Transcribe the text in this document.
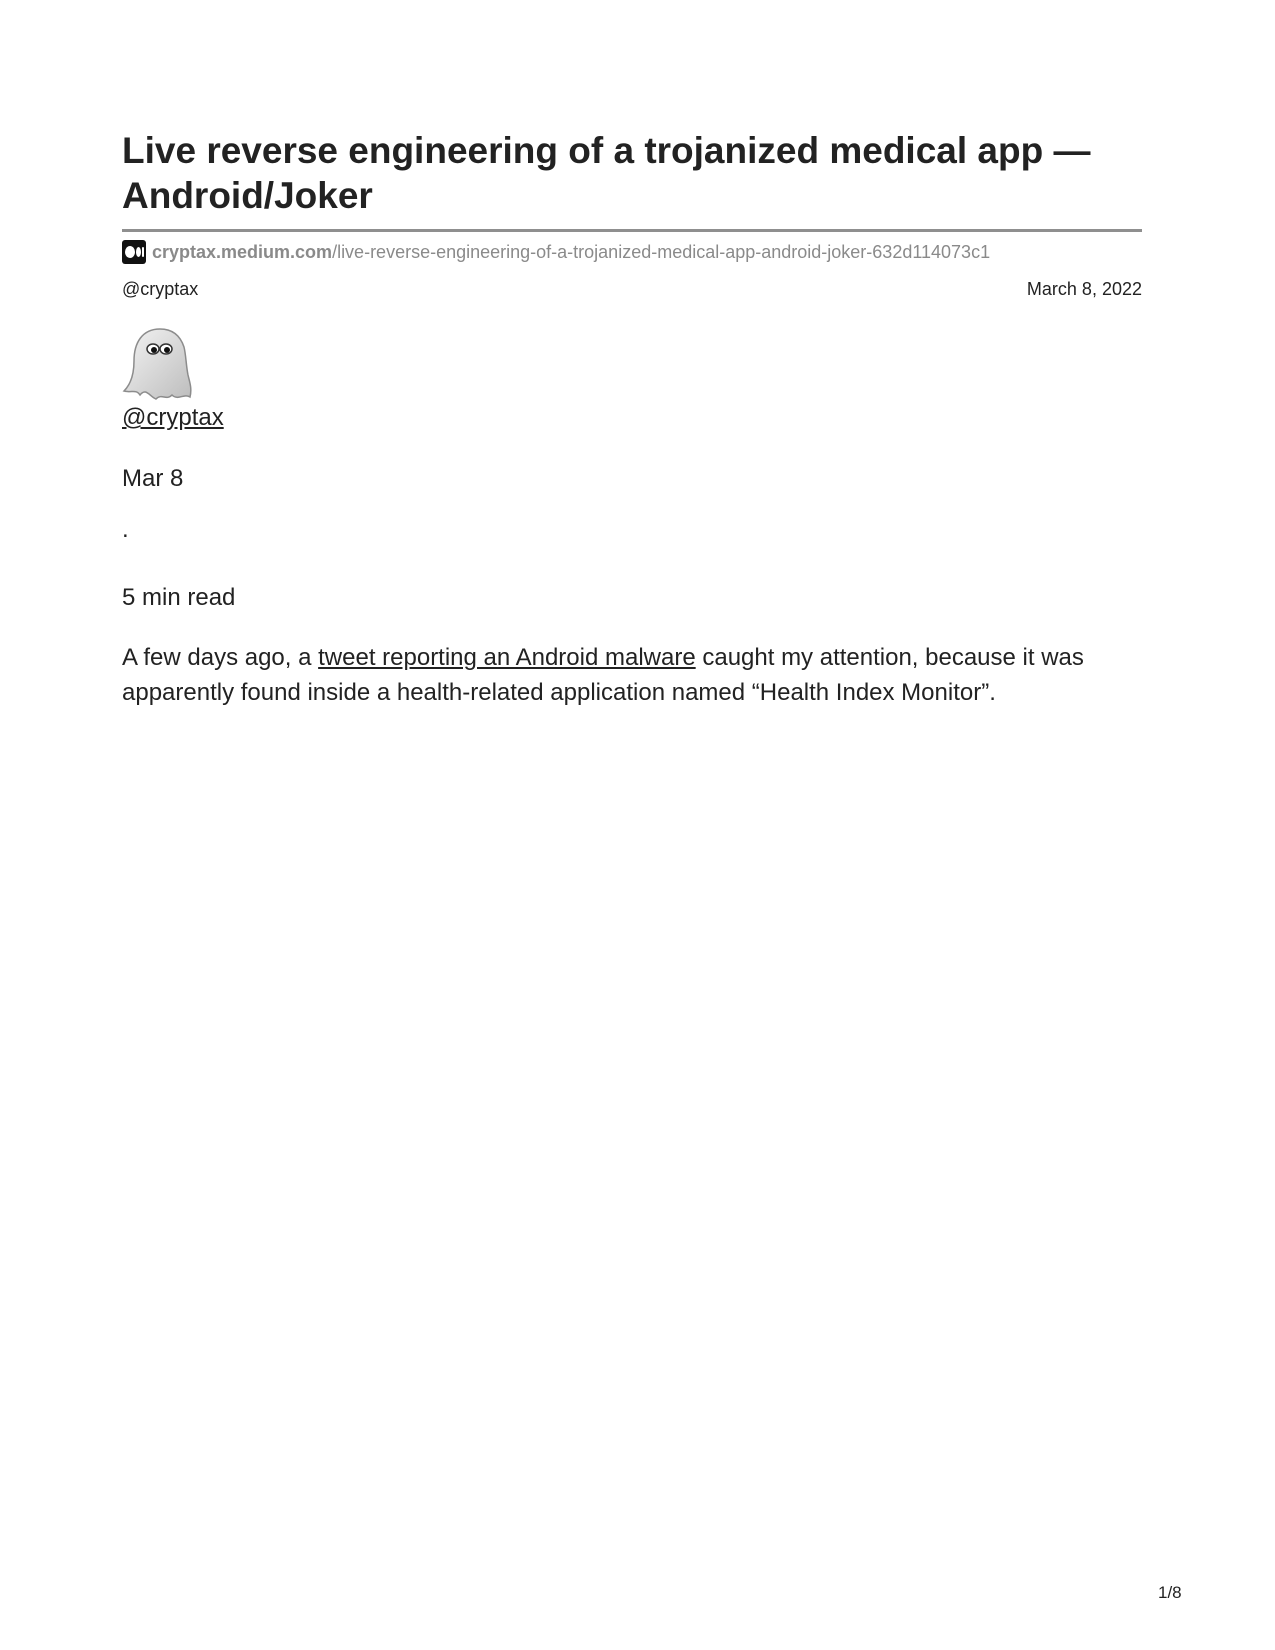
Live reverse engineering of a trojanized medical app — Android/Joker
cryptax.medium.com /live-reverse-engineering-of-a-trojanized-medical-app-android-joker-632d114073c1
@cryptax	March 8, 2022
@cryptax
Mar 8
.
5 min read

A few days ago, a tweet reporting an Android malware caught my attention, because it was apparently found inside a health-related application named “Health Index Monitor”.

1/8
